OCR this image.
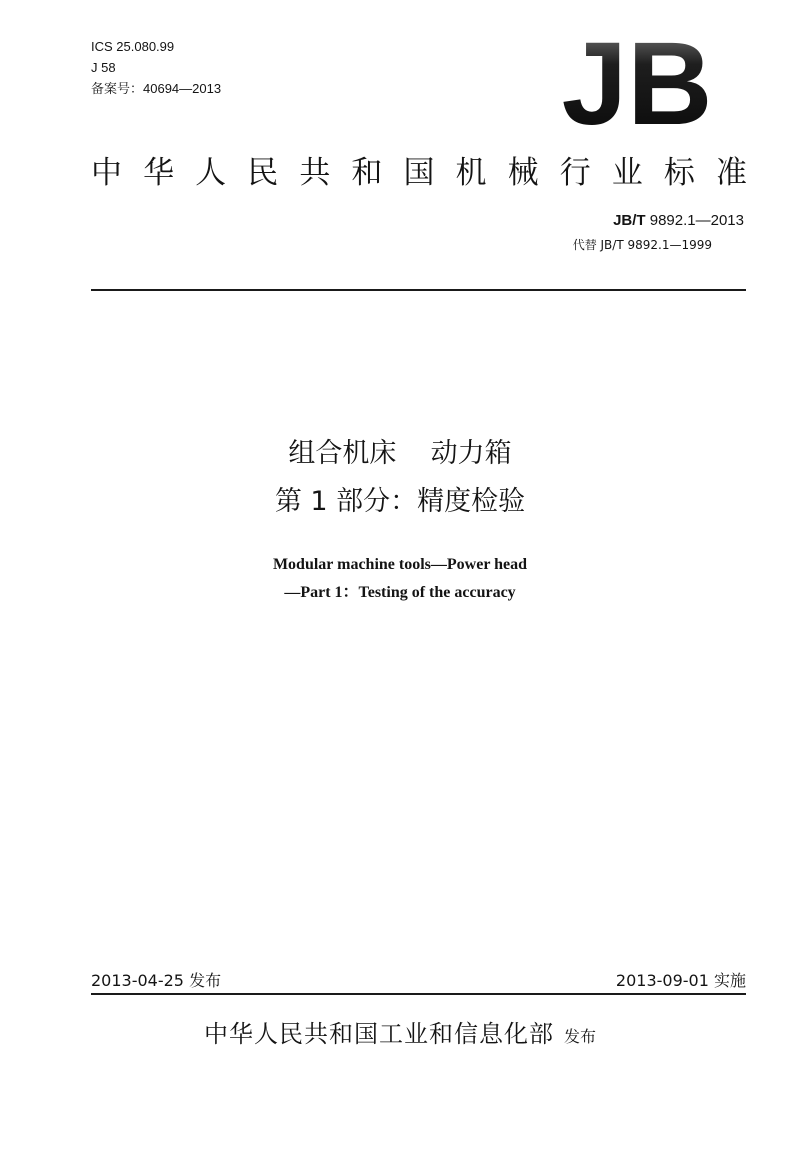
ICS 25.080.99
J 58
备案号：40694—2013	JB
中 华 人 民 共 和 国 机 械 行 业 标 准
JB/T 9892.1—2013
代替 JB/T 9892.1—1999
组合机床    动力箱
第 1 部分：精度检验
Modular machine tools—Power head
—Part 1：Testing of the accuracy
2013-04-25 发布	2013-09-01 实施
中华人民共和国工业和信息化部 发布
